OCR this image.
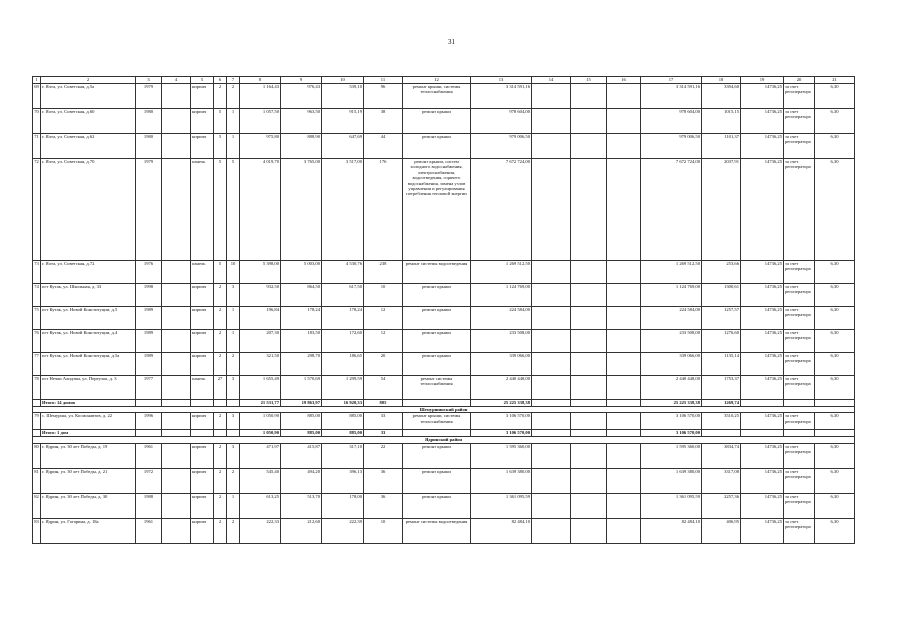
31
1	2	3	4	5	6	7	8	9	10	11	12	13	14	15	16	17	18	19	20	21
69	г. Ялта, ул. Советская, д.5а	1979		кирпич	2	2	1 164,43	976,43	539,10	96	ремонт крыши, системы теплоснабжения	3 314 591,16				3 314 591,16	3394,60	14736,25	за счет регоператора	6,30
70	г. Ялта, ул. Советская, д.60	1980		кирпич	5	1	1 057,50	963,50	915,19	38	ремонт крыши	978 604,00				978 604,00	1015,15	14736,25	за счет регоператора	6,30
71	г. Ялта, ул. Советская, д.62	1980		кирпич	5	1	975,80	888,90	647,69	44	ремонт крыши	979 006,50				979 006,50	1101,37	14736,25	за счет регоператора	6,30
72	г. Ялта, ул. Советская, д.70	1979		панель	5	5	4 019,70	3 765,00	3 517,00	176	ремонт крыши, систем холодного водоснабжения, электроснабжения, водоотведения, горячего водоснабжения, замена узлов управления и регулирования потребления тепловой энергии	7 672 724,00				7 672 724,00	2037,91	14736,25	за счет регоператора	6,30
73	г. Ялта, ул. Советская, д.72	1976		панель	5	10	5 398,00	5 003,00	4 530,76	238	ремонт системы водоотведения	1 269 512,50				1 269 512,50	253,66	14736,25	за счет регоператора	6,30
74	пгт Кутак, ул. Школьная, д. 33	1998		кирпич	2	3	932,50	864,50	617,50	10	ремонт крыши	1 124 769,00				1 124 769,00	1300,61	14736,25	за счет регоператора	6,30
75	пгт Кутак, ул. Новой Конституции, д.5	1989		кирпич	2	1	196,84	178,24	178,24	12	ремонт крыши	224 584,00				224 584,00	1257,57	14736,25	за счет регоператора	6,30
76	пгт Кутак, ул. Новой Конституции, д.4	1989		кирпич	2	1	207,30	183,50	172,60	12	ремонт крыши	233 508,00				233 508,00	1276,60	14736,25	за счет регоператора	6,30
77	пгт Кутак, ул. Новой Конституции, д.5а	1989		кирпич	2	2	321,50	298,70	186,65	20	ремонт крыши	339 066,00				339 066,00	1135,14	14736,25	за счет регоператора	6,30
78	пгт Нечаи Алидзин, ул. Переулок, д. 3	1977		панель	27	3	1 655,49	1 570,69	1 299,59	54	ремонт системы теплоснабжения	2 440 448,00				2 440 448,00	1753,37	14736,25	за счет регоператора	6,30
	Итого: 14 домов						21 531,77	19 863,97	16 920,33	805		25 225 338,38				25 225 338,38	1269,74			
Шемуршинский район																				
79	с. Шемурша, ул. Космонавтов, д. 22	1996		кирпич	2	3	1 050,90	885,00	885,00	33	ремонт крыши, системы теплоснабжения	3 106 570,00				3 106 570,00	3510,25	14736,25	за счет регоператора	6,30
	Итого: 1 дом						1 050,90	885,00	885,00	33		3 106 570,00				3 106 570,00				
Ядринский район																				
80	г. Ядрин, ул. 30 лет Победы, д. 19	1961		кирпич	2	3	471,97	415,87	317,10	22	ремонт крыши	1 595 360,00				1 595 360,00	3834,74	14736,25	за счет регоператора	6,30
81	г. Ядрин, ул. 30 лет Победы, д. 21	1972		кирпич	2	2	545,40	494,20	396,13	36	ремонт крыши	1 639 380,00				1 639 380,00	3317,08	14736,25	за счет регоператора	6,30
82	г. Ядрин, ул. 30 лет Победы, д. 30	1988		кирпич	2	1	613,25	513,70	178,00	36	ремонт крыши	1 361 095,59				1 361 095,59	2257,36	14736,25	за счет регоператора	6,30
83	г. Ядрин, ул. Гагарина, д. 18а	1961		кирпич	2	2	222,33	212,60	222,39	10	ремонт системы водоотведения	82 484,10				82 484,10	406,95	14736,25	за счет регоператора	6,30
